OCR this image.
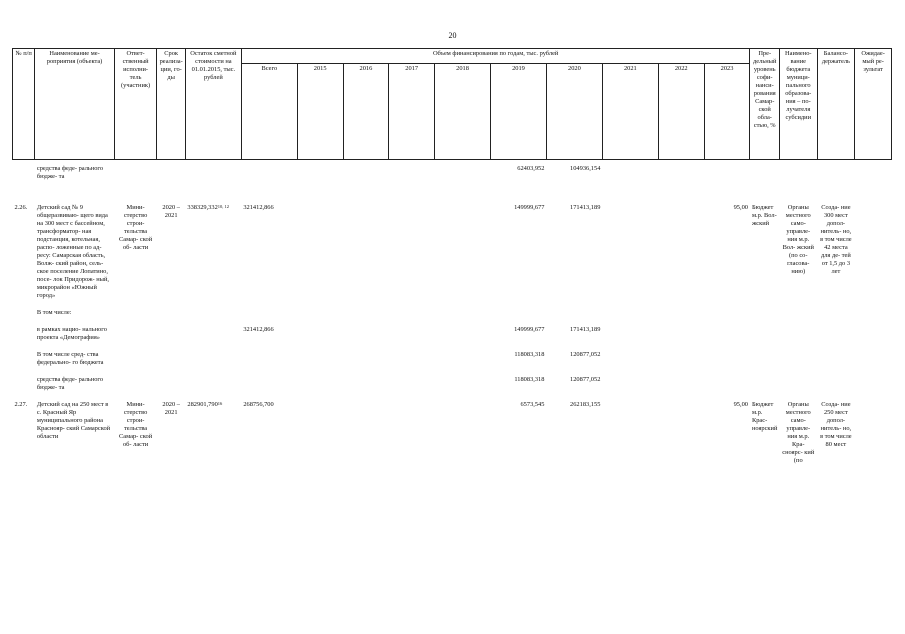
20
№ п/п	Наименование ме- роприятия (объекта)	Ответ- ственный исполни- тель (участник)	Срок реализа- ции, го- ды	Остаток сметной стоимости на 01.01.2015, тыс. рублей	Объем финансирования по годам, тыс. рублей										Пре- дельный уровень софи- нанси- рования Самар- ской обла- стью, %	Наимено- вание бюджета муници- пального образова- ния – по- лучателя субсидии	Балансо- держатель	Ожидае- мый ре- зультат
					Всего	2015	2016	2017	2018	2019	2020	2021	2022	2023				

	средства феде- рального бюдже- та									62403,952	104936,154							

2.26.	Детский сад № 9 общеразвиваю- щего вида на 300 мест с бассейном, трансформатор- ная подстанция, котельная, распо- ложенные по ад- ресу: Самарская область, Волж- ский район, сель- ское поселение Лопатино, посе- лок Придорож- ный, микрорайон «Южный город»	Мини- стерство строи- тельства Самар- ской об- ласти	2020 – 2021	338329,332$^{10, 12}$	321412,866					149999,677	171413,189			95,00	Бюджет м.р. Вол- жский	Органы местного само- управле- ния м.р. Вол- жский (по со- гласова- нию)	Созда- ние 300 мест допол- нитель- но, в том числе 42 места для де- тей от 1,5 до 3 лет	
	В том числе:																	
	в рамках нацио- нального проекта «Демография»				321412,866					149999,677	171413,189							
	В том числе сред- ства федерально- го бюджета								118083,318		120877,052							
	средства феде- рального бюдже- та								118083,318		120877,052							
2.27.	Детский сад на 250 мест в с. Красный Яр муниципального района Краснояр- ский Самарской области	Мини- стерство строи- тельства Самар- ской об- ласти	2020 – 2021	282901,790$^{16}$	268756,700					6573,545	262183,155			95,00	Бюджет м.р. Крас- ноярский	Органы местного само- управле- ния м.р. Кра- сноярс- кий (по	Созда- ние 250 мест допол- нитель- но, в том числе 80 мест	
